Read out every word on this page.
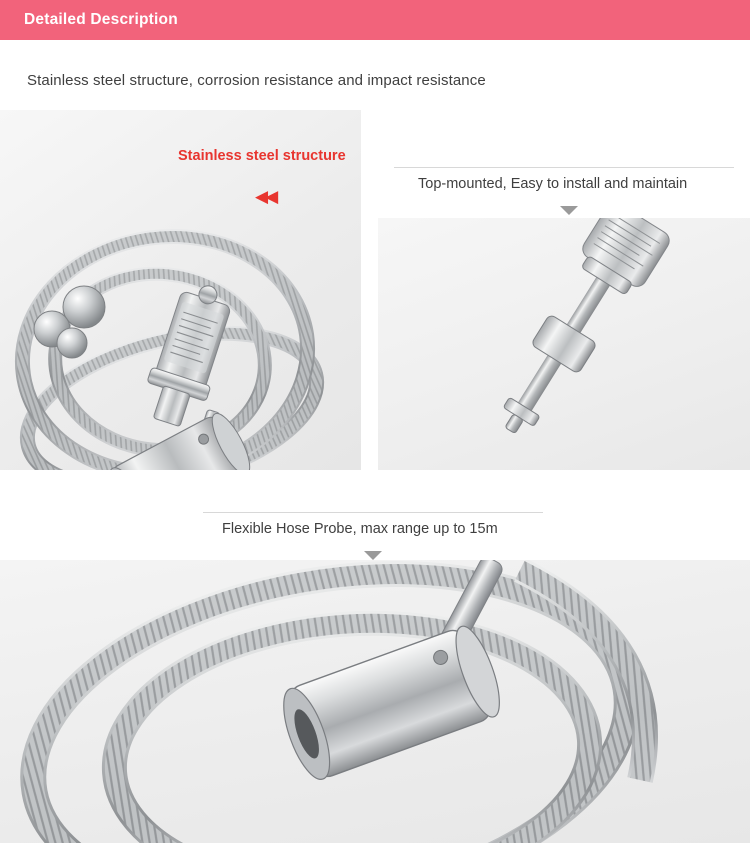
Detailed Description
Stainless steel structure, corrosion resistance and impact resistance
Stainless steel structure
◀◀
Top-mounted, Easy to install and maintain
Flexible Hose Probe, max range up to 15m
